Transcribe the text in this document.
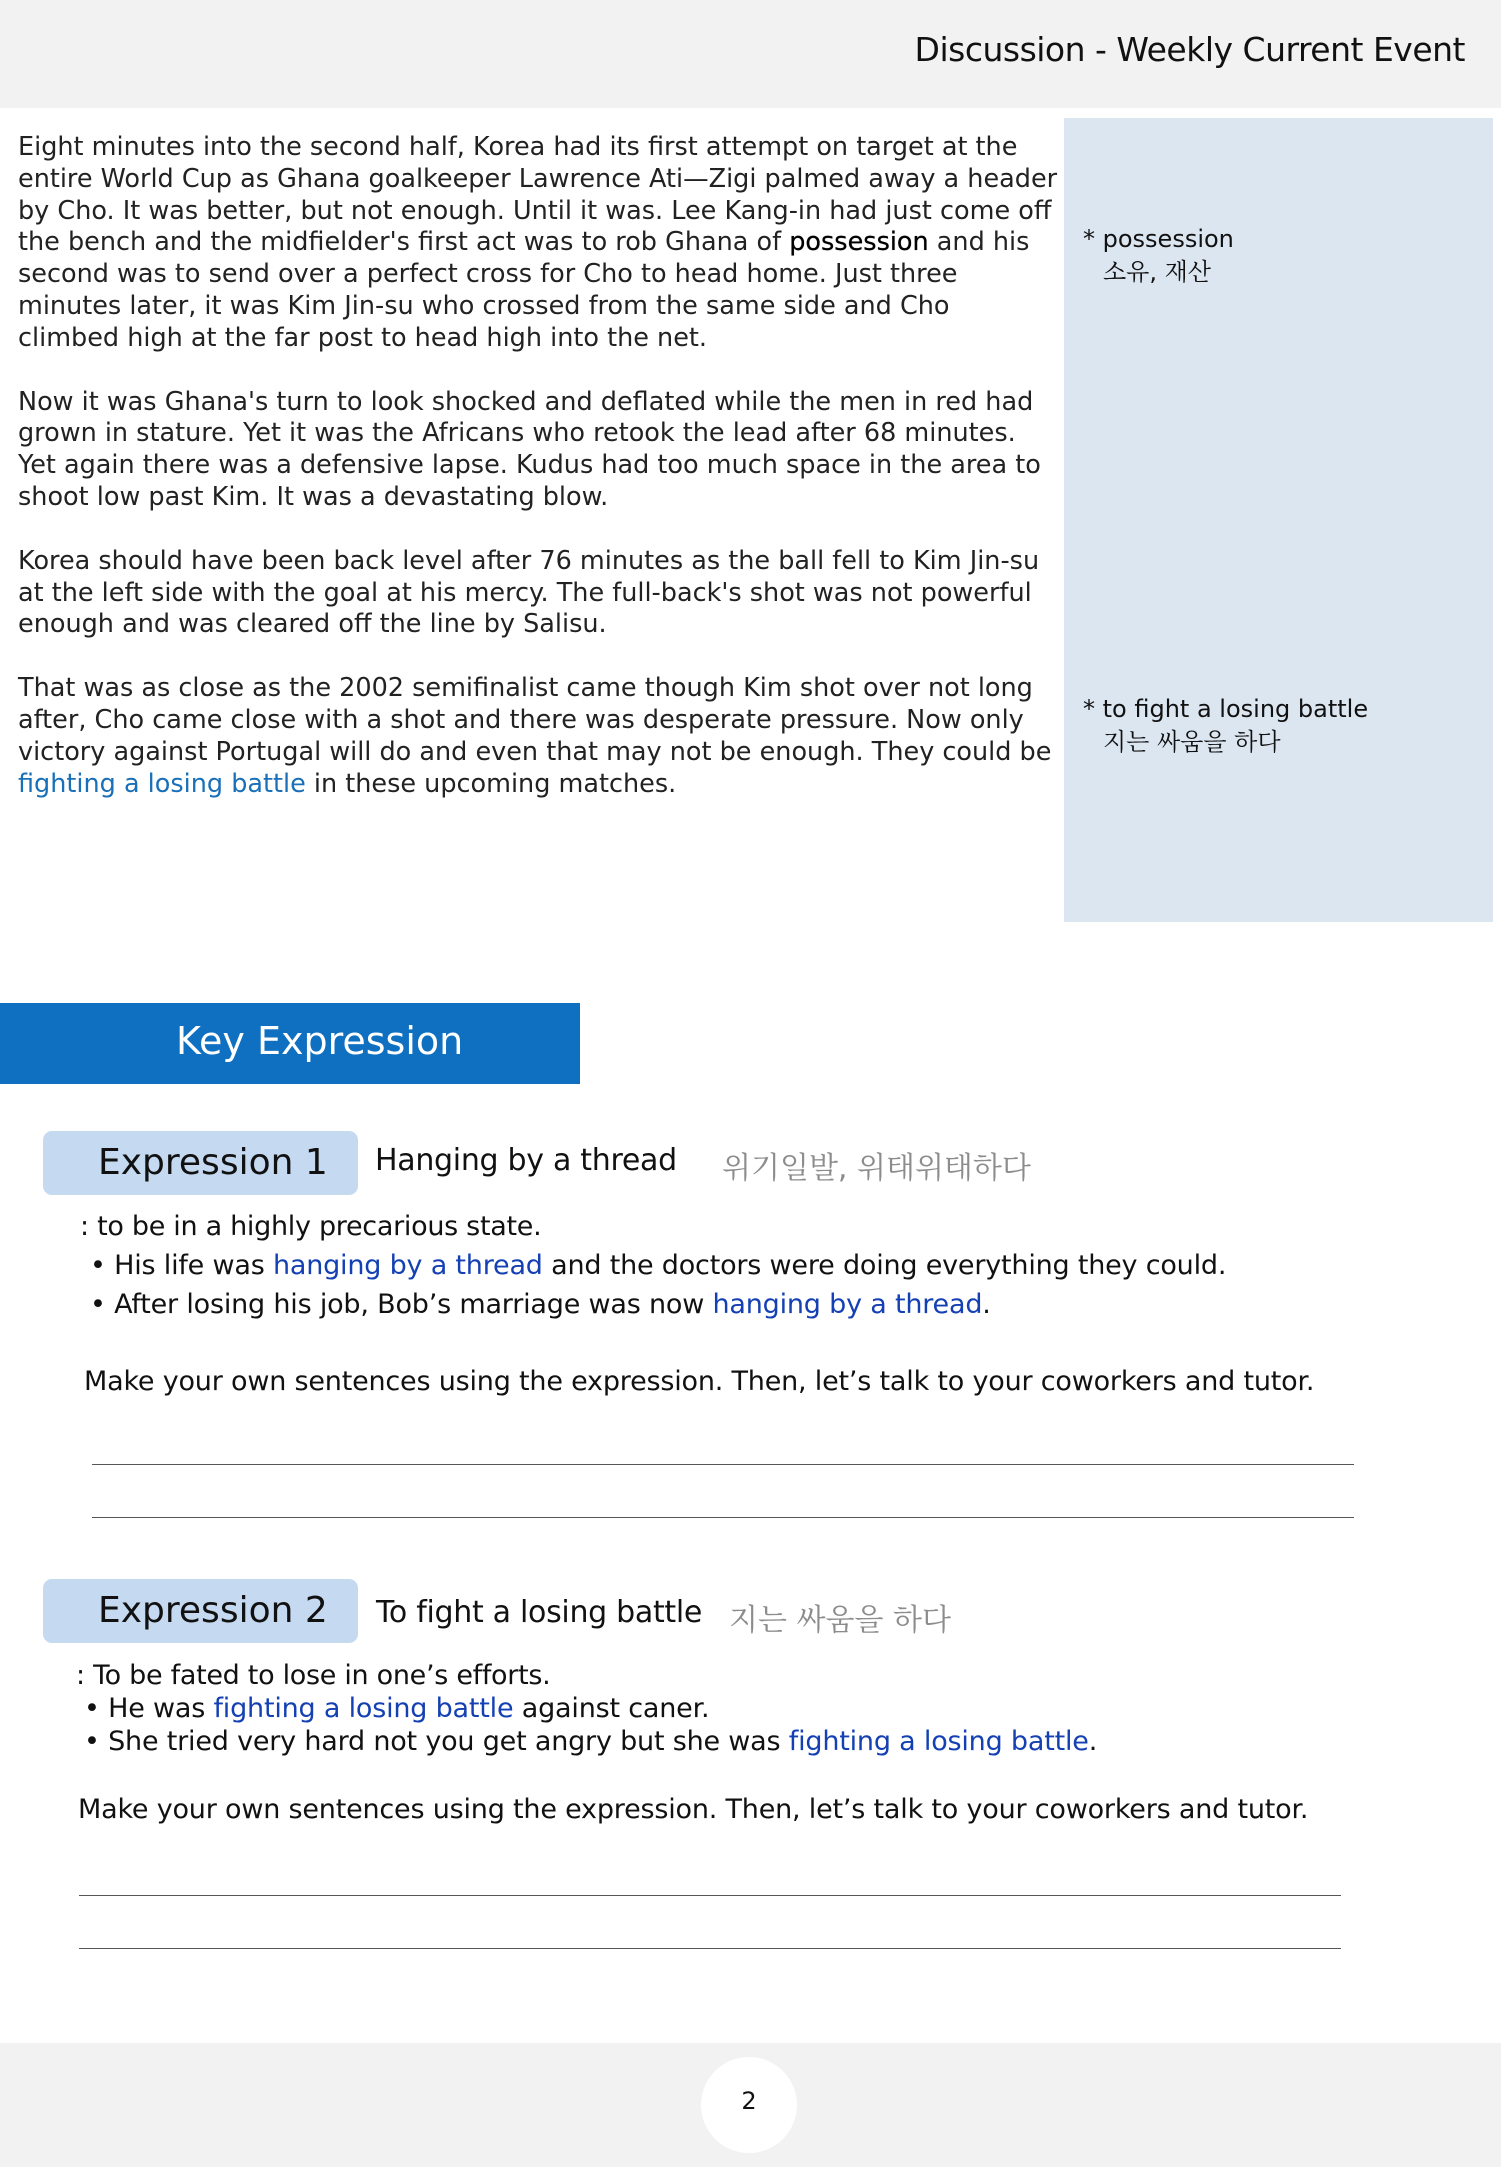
Discussion - Weekly Current Event

Eight minutes into the second half, Korea had its first attempt on target at the entire World Cup as Ghana goalkeeper Lawrence Ati—Zigi palmed away a header by Cho. It was better, but not enough. Until it was. Lee Kang-in had just come off the bench and the midfielder's first act was to rob Ghana of possession and his second was to send over a perfect cross for Cho to head home. Just three minutes later, it was Kim Jin-su who crossed from the same side and Cho climbed high at the far post to head high into the net.

Now it was Ghana's turn to look shocked and deflated while the men in red had grown in stature. Yet it was the Africans who retook the lead after 68 minutes. Yet again there was a defensive lapse. Kudus had too much space in the area to shoot low past Kim. It was a devastating blow.

Korea should have been back level after 76 minutes as the ball fell to Kim Jin-su at the left side with the goal at his mercy. The full-back's shot was not powerful enough and was cleared off the line by Salisu.

That was as close as the 2002 semifinalist came though Kim shot over not long after, Cho came close with a shot and there was desperate pressure. Now only victory against Portugal will do and even that may not be enough. They could be fighting a losing battle in these upcoming matches.

* possession
소유, 재산
* to fight a losing battle
지는 싸움을 하다
Key Expression
Expression 1 Hanging by a thread 위기일발, 위태위태하다
: to be in a highly precarious state.
• His life was hanging by a thread and the doctors were doing everything they could.
• After losing his job, Bob’s marriage was now hanging by a thread.
Make your own sentences using the expression. Then, let’s talk to your coworkers and tutor.
Expression 2 To fight a losing battle 지는 싸움을 하다
: To be fated to lose in one’s efforts.
• He was fighting a losing battle against caner.
• She tried very hard not you get angry but she was fighting a losing battle.
Make your own sentences using the expression. Then, let’s talk to your coworkers and tutor.
2
